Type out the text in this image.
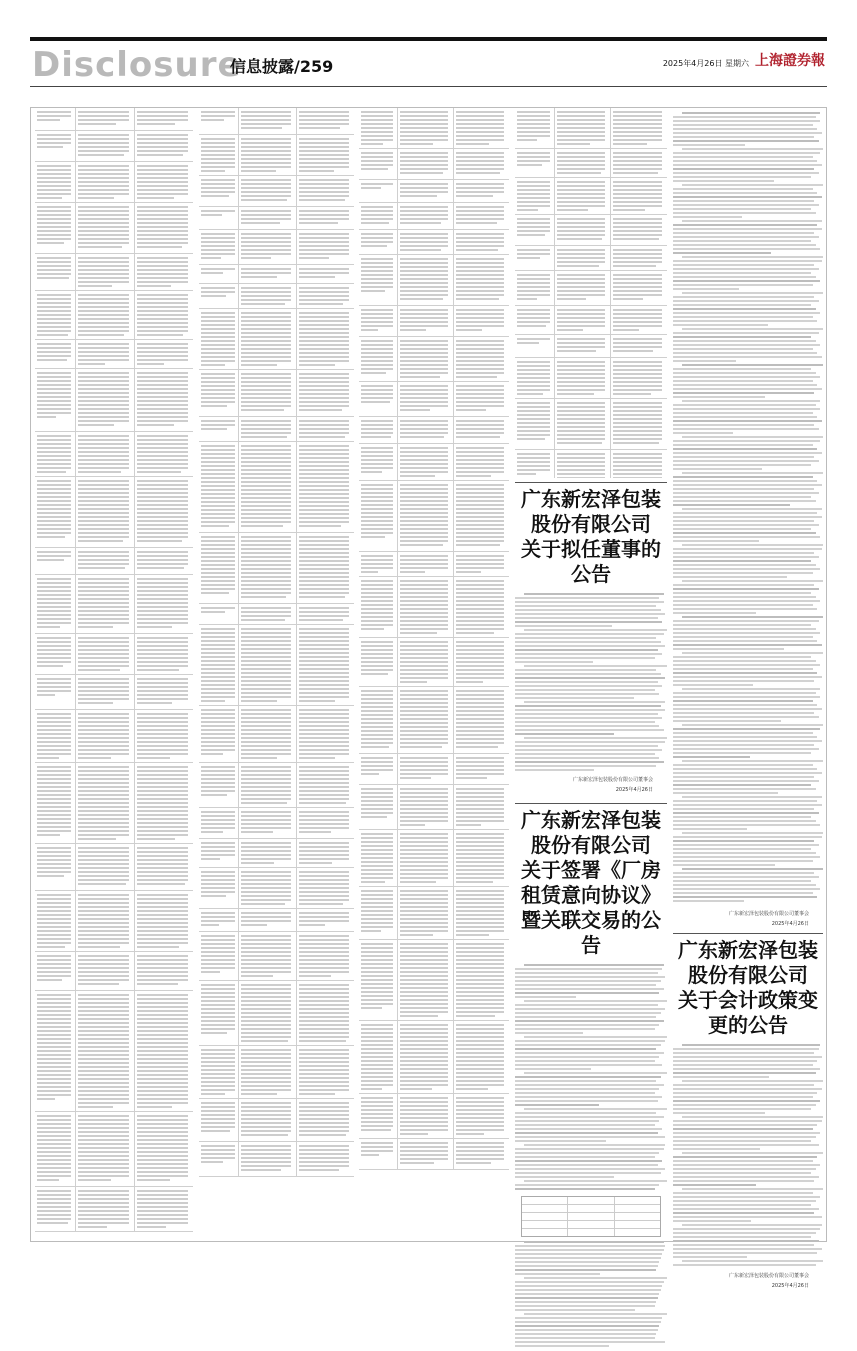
Disclosure
信息披露/259	2025年4月26日 星期六 上海證券報
广东新宏泽包装股份有限公司
关于拟任董事的公告
广东新宏泽包装股份有限公司董事会
2025年4月26日
广东新宏泽包装股份有限公司
关于签署《厂房租赁意向协议》
暨关联交易的公告
广东新宏泽包装股份有限公司董事会
2025年4月26日
广东新宏泽包装股份有限公司
关于会计政策变更的公告
广东新宏泽包装股份有限公司董事会
2025年4月26日
